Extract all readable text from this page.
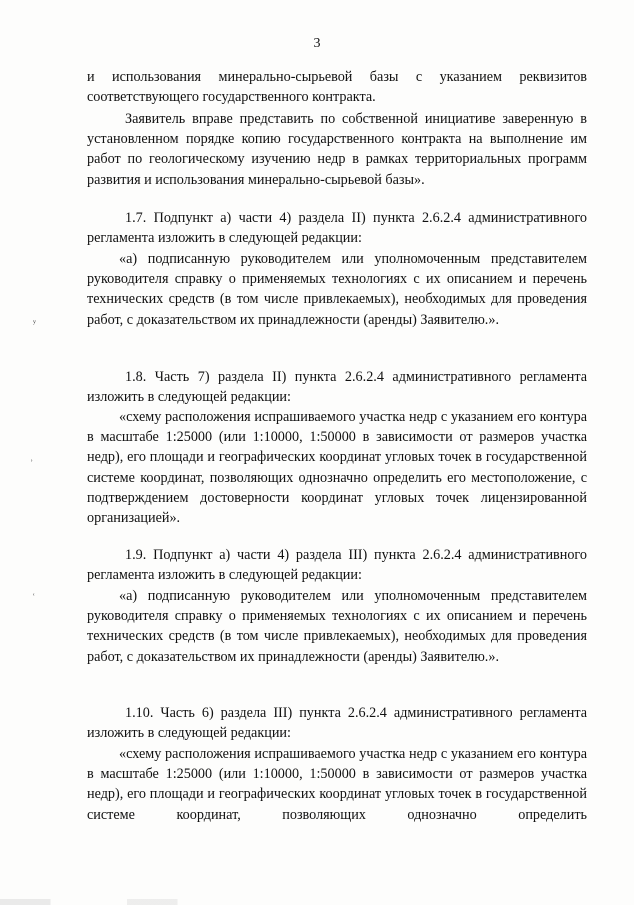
3

и использования минерально-сырьевой базы с указанием реквизитов соответствующего государственного контракта.

Заявитель вправе представить по собственной инициативе заверенную в установленном порядке копию государственного контракта на выполнение им работ по геологическому изучению недр в рамках территориальных программ развития и использования минерально-сырьевой базы».

1.7. Подпункт а) части 4) раздела II) пункта 2.6.2.4 административного регламента изложить в следующей редакции:

«а) подписанную руководителем или уполномоченным представителем руководителя справку о применяемых технологиях с их описанием и перечень технических средств (в том числе привлекаемых), необходимых для проведения работ, с доказательством их принадлежности (аренды) Заявителю.».

1.8. Часть 7) раздела II) пункта 2.6.2.4 административного регламента изложить в следующей редакции:

«схему расположения испрашиваемого участка недр с указанием его контура в масштабе 1:25000 (или 1:10000, 1:50000 в зависимости от размеров участка недр), его площади и географических координат угловых точек в государственной системе координат, позволяющих однозначно определить его местоположение, с подтверждением достоверности координат угловых точек лицензированной организацией».

1.9. Подпункт а) части 4) раздела III) пункта 2.6.2.4 административного регламента изложить в следующей редакции:

«а) подписанную руководителем или уполномоченным представителем руководителя справку о применяемых технологиях с их описанием и перечень технических средств (в том числе привлекаемых), необходимых для проведения работ, с доказательством их принадлежности (аренды) Заявителю.».

1.10. Часть 6) раздела III) пункта 2.6.2.4 административного регламента изложить в следующей редакции:

«схему расположения испрашиваемого участка недр с указанием его контура в масштабе 1:25000 (или 1:10000, 1:50000 в зависимости от размеров участка недр), его площади и географических координат угловых точек в государственной системе координат, позволяющих однозначно определить

ʸ
˒
˓
